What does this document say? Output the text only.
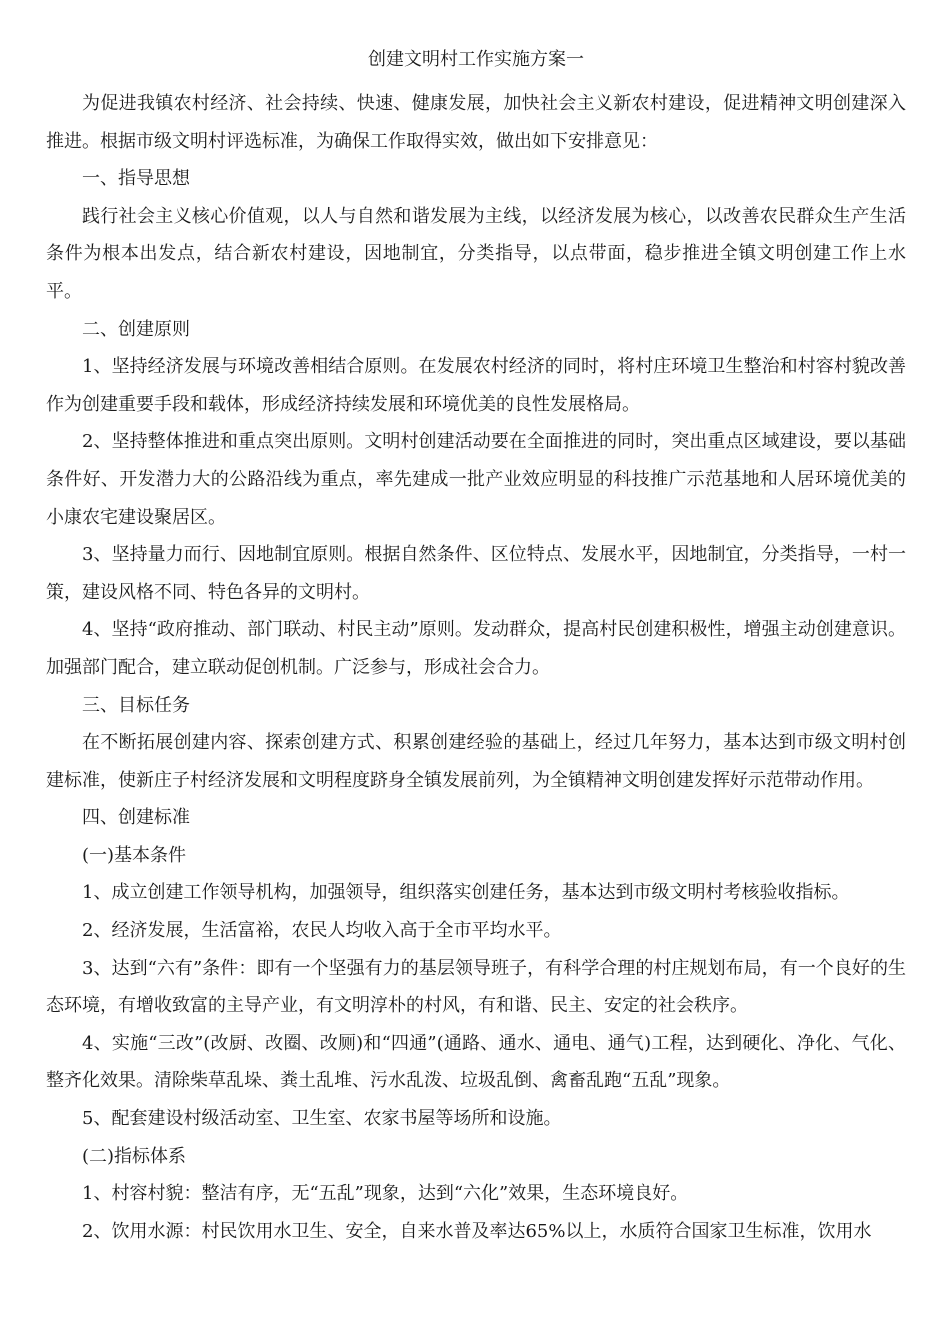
创建文明村工作实施方案一

为促进我镇农村经济、社会持续、快速、健康发展，加快社会主义新农村建设，促进精神文明创建深入推进。根据市级文明村评选标准，为确保工作取得实效，做出如下安排意见：

一、指导思想

践行社会主义核心价值观，以人与自然和谐发展为主线，以经济发展为核心，以改善农民群众生产生活条件为根本出发点，结合新农村建设，因地制宜，分类指导，以点带面，稳步推进全镇文明创建工作上水平。

二、创建原则

1、坚持经济发展与环境改善相结合原则。在发展农村经济的同时，将村庄环境卫生整治和村容村貌改善作为创建重要手段和载体，形成经济持续发展和环境优美的良性发展格局。

2、坚持整体推进和重点突出原则。文明村创建活动要在全面推进的同时，突出重点区域建设，要以基础条件好、开发潜力大的公路沿线为重点，率先建成一批产业效应明显的科技推广示范基地和人居环境优美的小康农宅建设聚居区。

3、坚持量力而行、因地制宜原则。根据自然条件、区位特点、发展水平，因地制宜，分类指导，一村一策，建设风格不同、特色各异的文明村。

4、坚持“政府推动、部门联动、村民主动”原则。发动群众，提高村民创建积极性，增强主动创建意识。加强部门配合，建立联动促创机制。广泛参与，形成社会合力。

三、目标任务

在不断拓展创建内容、探索创建方式、积累创建经验的基础上，经过几年努力，基本达到市级文明村创建标准，使新庄子村经济发展和文明程度跻身全镇发展前列，为全镇精神文明创建发挥好示范带动作用。

四、创建标准

(一)基本条件

1、成立创建工作领导机构，加强领导，组织落实创建任务，基本达到市级文明村考核验收指标。

2、经济发展，生活富裕，农民人均收入高于全市平均水平。

3、达到“六有”条件：即有一个坚强有力的基层领导班子，有科学合理的村庄规划布局，有一个良好的生态环境，有增收致富的主导产业，有文明淳朴的村风，有和谐、民主、安定的社会秩序。

4、实施“三改”(改厨、改圈、改厕)和“四通”(通路、通水、通电、通气)工程，达到硬化、净化、气化、整齐化效果。清除柴草乱垛、粪土乱堆、污水乱泼、垃圾乱倒、禽畜乱跑“五乱”现象。

5、配套建设村级活动室、卫生室、农家书屋等场所和设施。

(二)指标体系

1、村容村貌：整洁有序，无“五乱”现象，达到“六化”效果，生态环境良好。

2、饮用水源：村民饮用水卫生、安全，自来水普及率达65%以上，水质符合国家卫生标准，饮用水
